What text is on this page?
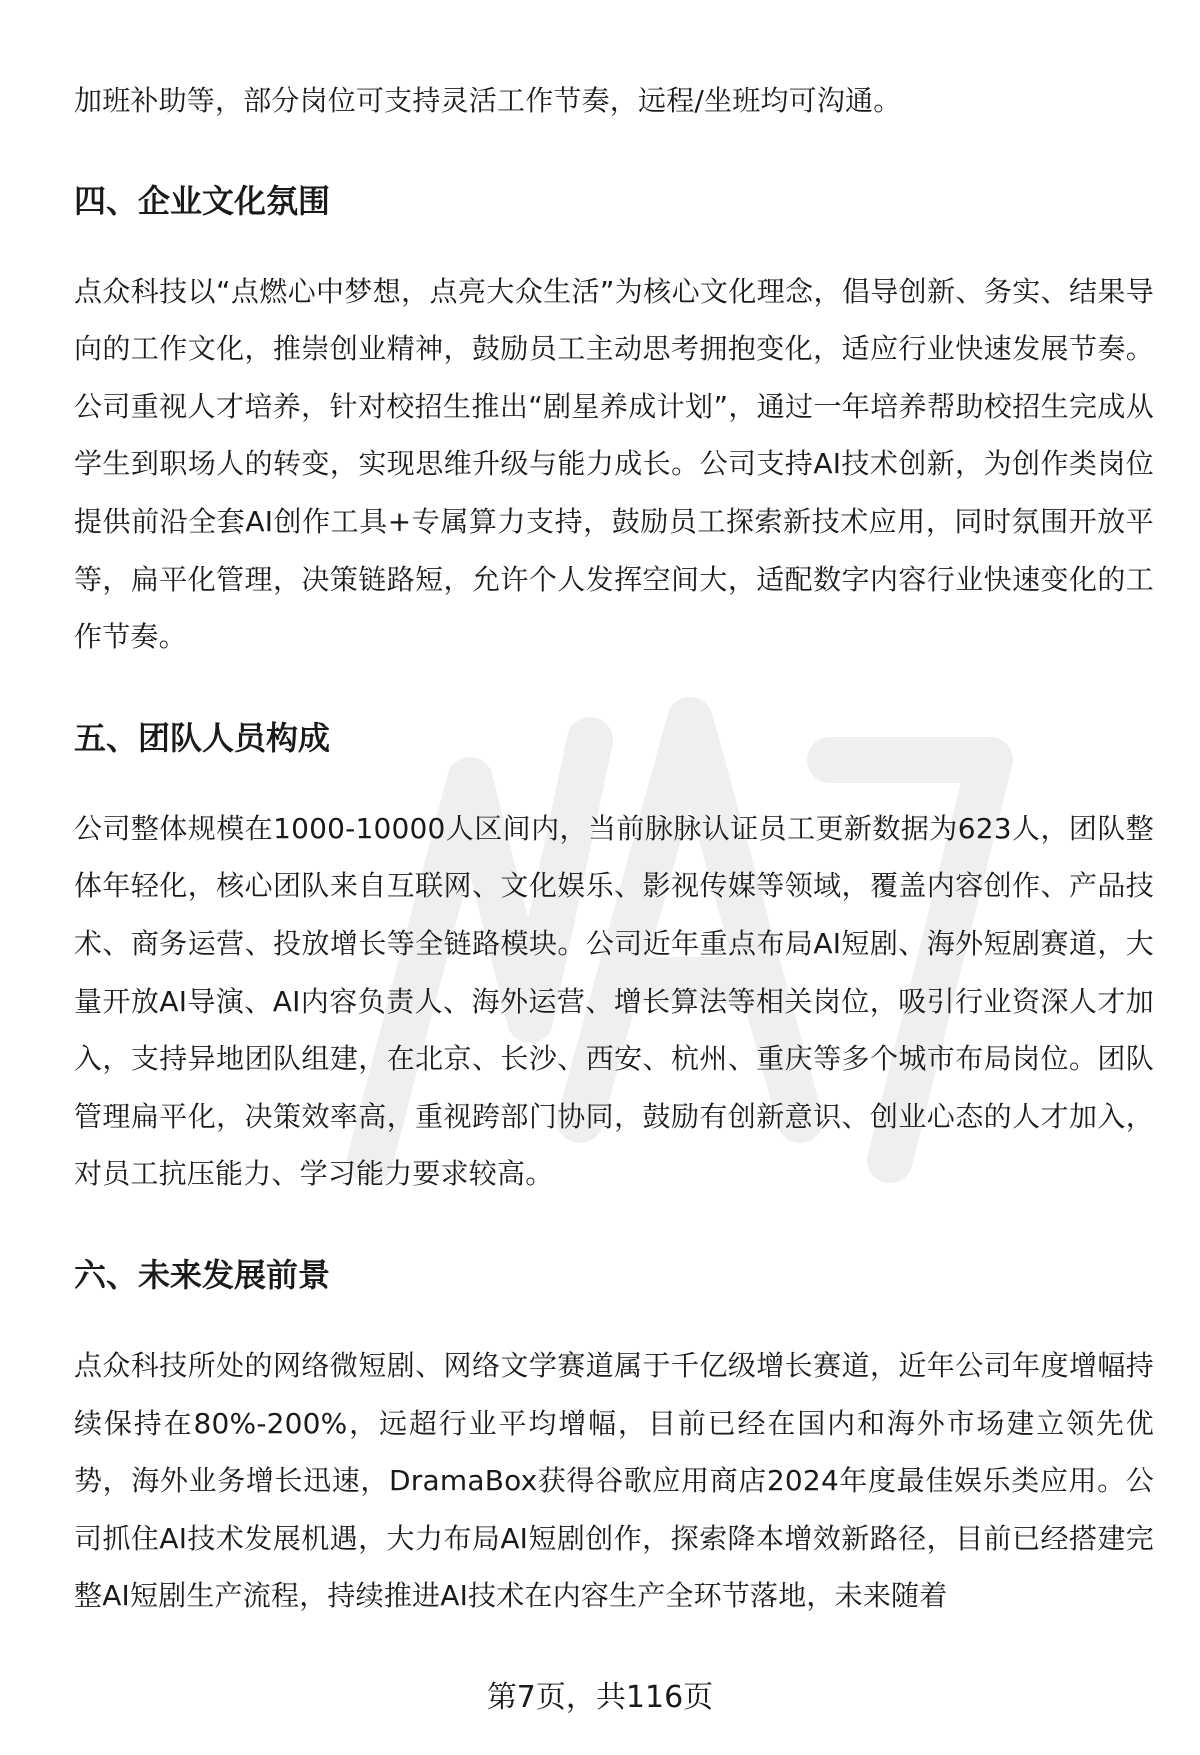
加班补助等，部分岗位可支持灵活工作节奏，远程/坐班均可沟通。

四、企业文化氛围

点众科技以“点燃心中梦想，点亮大众生活”为核心文化理念，倡导创新、务实、结果导向的工作文化，推崇创业精神，鼓励员工主动思考拥抱变化，适应行业快速发展节奏。公司重视人才培养，针对校招生推出“剧星养成计划”，通过一年培养帮助校招生完成从学生到职场人的转变，实现思维升级与能力成长。公司支持AI技术创新，为创作类岗位提供前沿全套AI创作工具+专属算力支持，鼓励员工探索新技术应用，同时氛围开放平等，扁平化管理，决策链路短，允许个人发挥空间大，适配数字内容行业快速变化的工作节奏。

五、团队人员构成

公司整体规模在1000-10000人区间内，当前脉脉认证员工更新数据为623人，团队整体年轻化，核心团队来自互联网、文化娱乐、影视传媒等领域，覆盖内容创作、产品技术、商务运营、投放增长等全链路模块。公司近年重点布局AI短剧、海外短剧赛道，大量开放AI导演、AI内容负责人、海外运营、增长算法等相关岗位，吸引行业资深人才加入，支持异地团队组建，在北京、长沙、西安、杭州、重庆等多个城市布局岗位。团队管理扁平化，决策效率高，重视跨部门协同，鼓励有创新意识、创业心态的人才加入，对员工抗压能力、学习能力要求较高。

六、未来发展前景

点众科技所处的网络微短剧、网络文学赛道属于千亿级增长赛道，近年公司年度增幅持续保持在80%-200%，远超行业平均增幅，目前已经在国内和海外市场建立领先优势，海外业务增长迅速，DramaBox获得谷歌应用商店2024年度最佳娱乐类应用。公司抓住AI技术发展机遇，大力布局AI短剧创作，探索降本增效新路径，目前已经搭建完整AI短剧生产流程，持续推进AI技术在内容生产全环节落地，未来随着

第7页，共116页
